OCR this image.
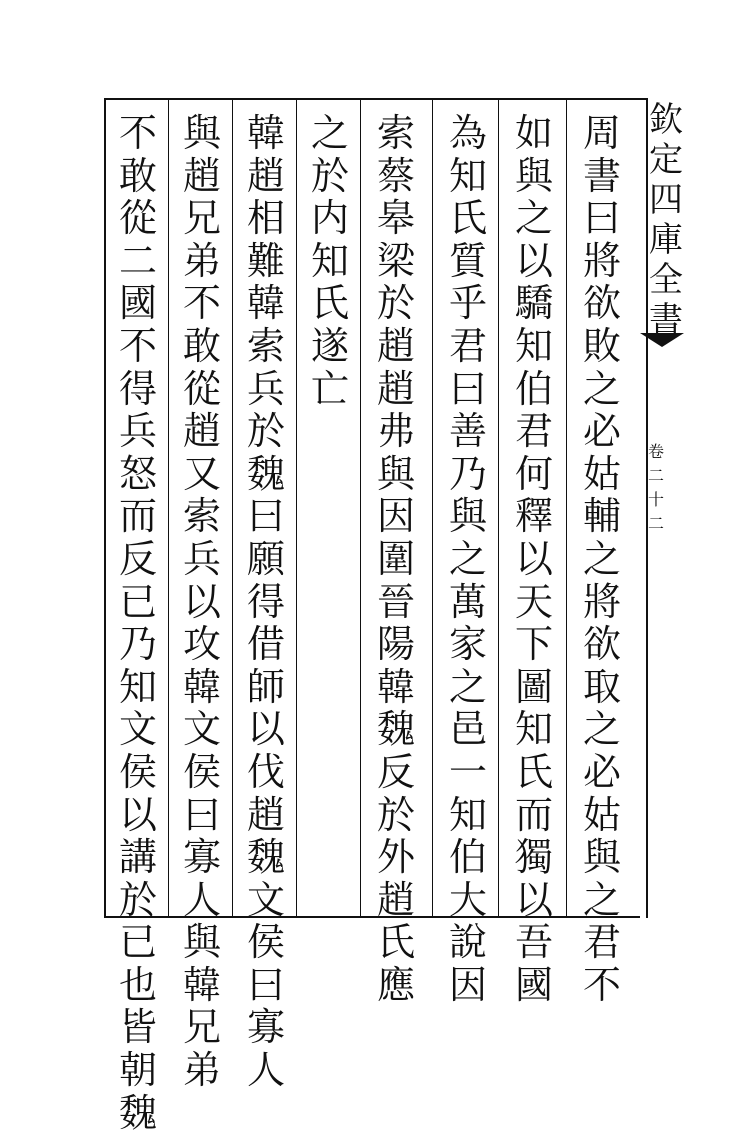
欽
定
四
庫
全
書
卷
二
十
二
周
書
曰
將
欲
敗
之
必
姑
輔
之
將
欲
取
之
必
姑
與
之
君
不
如
與
之
以
驕
知
伯
君
何
釋
以
天
下
圖
知
氏
而
獨
以
吾
國
為
知
氏
質
乎
君
曰
善
乃
與
之
萬
家
之
邑
一
知
伯
大
說
因
索
蔡
皋
梁
於
趙
趙
弗
與
因
圍
晉
陽
韓
魏
反
於
外
趙
氏
應
之
於
内
知
氏
遂
亡
韓
趙
相
難
韓
索
兵
於
魏
曰
願
得
借
師
以
伐
趙
魏
文
侯
曰
寡
人
與
趙
兄
弟
不
敢
從
趙
又
索
兵
以
攻
韓
文
侯
曰
寡
人
與
韓
兄
弟
不
敢
從
二
國
不
得
兵
怒
而
反
已
乃
知
文
侯
以
講
於
已
也
皆
朝
魏
